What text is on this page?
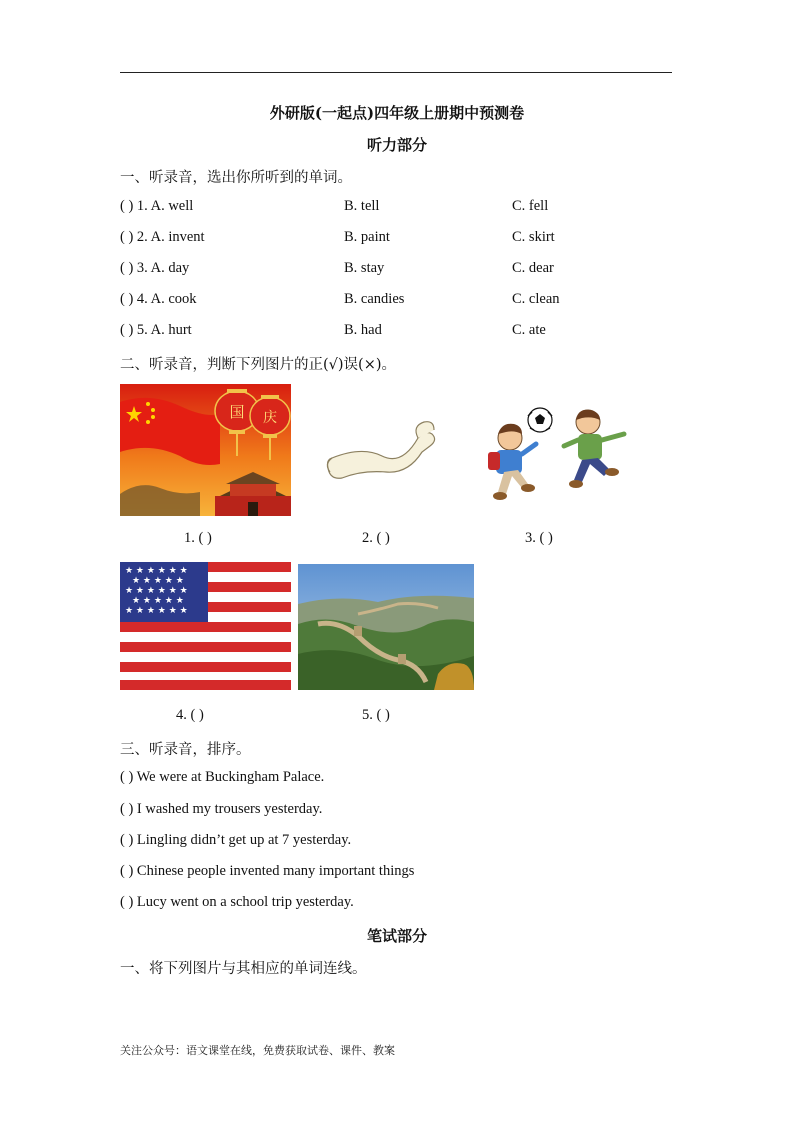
外研版(一起点)四年级上册期中预测卷
听力部分
一、听录音，选出你所听到的单词。
( ) 1. A. well	B. tell	C. fell
( ) 2. A. invent	B. paint	C. skirt
( ) 3. A. day	B. stay	C. dear
( ) 4. A. cook	B. candies	C. clean
( ) 5. A. hurt	B. had	C. ate
二、听录音，判断下列图片的正(√)误(×)。
国 庆
1. ( )	2. ( )	3. ( )
★ ★ ★ ★ ★ ★
★ ★ ★ ★ ★
★ ★ ★ ★ ★ ★
★ ★ ★ ★ ★
★ ★ ★ ★ ★ ★
4. ( )	5. ( )
三、听录音，排序。
( ) We were at Buckingham Palace.
( ) I washed my trousers yesterday.
( ) Lingling didn’t get up at 7 yesterday.
( ) Chinese people invented many important things
( ) Lucy went on a school trip yesterday.
笔试部分
一、将下列图片与其相应的单词连线。
关注公众号：语文课堂在线，免费获取试卷、课件、教案
